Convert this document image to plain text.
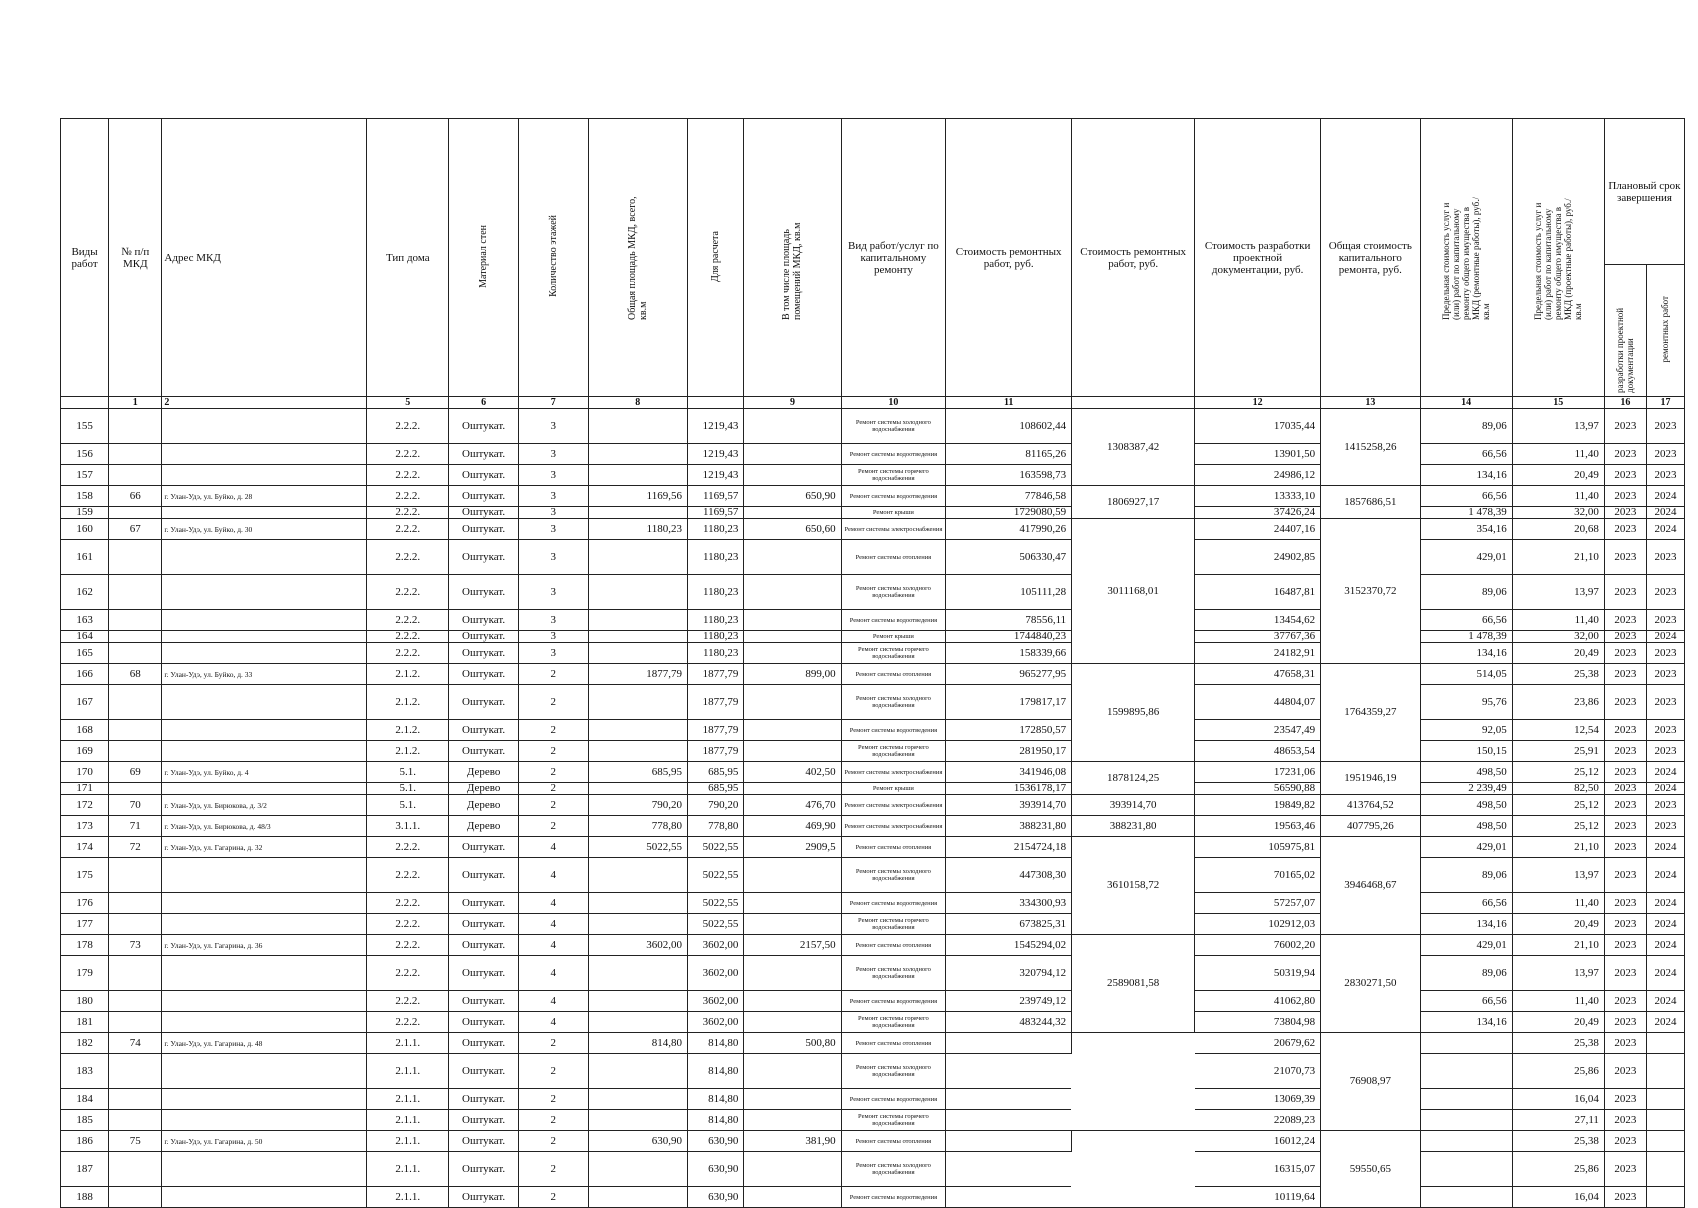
Виды работ	№ п/п МКД	Адрес МКД	Тип дома	Материал стен	Количество этажей	Общая площадь МКД, всего, кв.м	Для расчета	В том числе площадь помещений МКД, кв.м	Вид работ/услуг по капитальному ремонту	Стоимость ремонтных работ, руб.	Стоимость ремонтных работ, руб.	Стоимость разработки проектной документации, руб.	Общая стоимость капитального ремонта, руб.	Предельная стоимость услуг и (или) работ по капитальному ремонту общего имущества в МКД (ремонтные работы), руб./кв.м	Предельная стоимость услуг и (или) работ по капитальному ремонту общего имущества в МКД (проектные работы), руб./кв.м	Плановый срок завершения	
																разработки проектной документации	ремонтных работ
	1	2	5	6	7	8		9	10	11		12	13	14	15	16	17
155			2.2.2.	Оштукат.	3		1219,43		Ремонт системы холодного водоснабжения	108602,44	1308387,42	17035,44	1415258,26	89,06	13,97	2023	2023
156			2.2.2.	Оштукат.	3		1219,43		Ремонт системы водоотведения	81165,26		13901,50		66,56	11,40	2023	2023
157			2.2.2.	Оштукат.	3		1219,43		Ремонт системы горячего водоснабжения	163598,73		24986,12		134,16	20,49	2023	2023
158	66	г. Улан-Удэ, ул. Буйко, д. 28	2.2.2.	Оштукат.	3	1169,56	1169,57	650,90	Ремонт системы водоотведения	77846,58	1806927,17	13333,10	1857686,51	66,56	11,40	2023	2024
159			2.2.2.	Оштукат.	3		1169,57		Ремонт крыши	1729080,59		37426,24		1 478,39	32,00	2023	2024
160	67	г. Улан-Удэ, ул. Буйко, д. 30	2.2.2.	Оштукат.	3	1180,23	1180,23	650,60	Ремонт системы электроснабжения	417990,26	3011168,01	24407,16	3152370,72	354,16	20,68	2023	2024
161			2.2.2.	Оштукат.	3		1180,23		Ремонт системы отопления	506330,47		24902,85		429,01	21,10	2023	2023
162			2.2.2.	Оштукат.	3		1180,23		Ремонт системы холодного водоснабжения	105111,28		16487,81		89,06	13,97	2023	2023
163			2.2.2.	Оштукат.	3		1180,23		Ремонт системы водоотведения	78556,11		13454,62		66,56	11,40	2023	2023
164			2.2.2.	Оштукат.	3		1180,23		Ремонт крыши	1744840,23		37767,36		1 478,39	32,00	2023	2024
165			2.2.2.	Оштукат.	3		1180,23		Ремонт системы горячего водоснабжения	158339,66		24182,91		134,16	20,49	2023	2023
166	68	г. Улан-Удэ, ул. Буйко, д. 33	2.1.2.	Оштукат.	2	1877,79	1877,79	899,00	Ремонт системы отопления	965277,95	1599895,86	47658,31	1764359,27	514,05	25,38	2023	2023
167			2.1.2.	Оштукат.	2		1877,79		Ремонт системы холодного водоснабжения	179817,17		44804,07		95,76	23,86	2023	2023
168			2.1.2.	Оштукат.	2		1877,79		Ремонт системы водоотведения	172850,57		23547,49		92,05	12,54	2023	2023
169			2.1.2.	Оштукат.	2		1877,79		Ремонт системы горячего водоснабжения	281950,17		48653,54		150,15	25,91	2023	2023
170	69	г. Улан-Удэ, ул. Буйко, д. 4	5.1.	Дерево	2	685,95	685,95	402,50	Ремонт системы электроснабжения	341946,08	1878124,25	17231,06	1951946,19	498,50	25,12	2023	2024
171			5.1.	Дерево	2		685,95		Ремонт крыши	1536178,17		56590,88		2 239,49	82,50	2023	2024
172	70	г. Улан-Удэ, ул. Бирюкова, д. 3/2	5.1.	Дерево	2	790,20	790,20	476,70	Ремонт системы электроснабжения	393914,70	393914,70	19849,82	413764,52	498,50	25,12	2023	2023
173	71	г. Улан-Удэ, ул. Бирюкова, д. 48/3	3.1.1.	Дерево	2	778,80	778,80	469,90	Ремонт системы электроснабжения	388231,80	388231,80	19563,46	407795,26	498,50	25,12	2023	2023
174	72	г. Улан-Удэ, ул. Гагарина, д. 32	2.2.2.	Оштукат.	4	5022,55	5022,55	2909,5	Ремонт системы отопления	2154724,18	3610158,72	105975,81	3946468,67	429,01	21,10	2023	2024
175			2.2.2.	Оштукат.	4		5022,55		Ремонт системы холодного водоснабжения	447308,30		70165,02		89,06	13,97	2023	2024
176			2.2.2.	Оштукат.	4		5022,55		Ремонт системы водоотведения	334300,93		57257,07		66,56	11,40	2023	2024
177			2.2.2.	Оштукат.	4		5022,55		Ремонт системы горячего водоснабжения	673825,31		102912,03		134,16	20,49	2023	2024
178	73	г. Улан-Удэ, ул. Гагарина, д. 36	2.2.2.	Оштукат.	4	3602,00	3602,00	2157,50	Ремонт системы отопления	1545294,02	2589081,58	76002,20	2830271,50	429,01	21,10	2023	2024
179			2.2.2.	Оштукат.	4		3602,00		Ремонт системы холодного водоснабжения	320794,12		50319,94		89,06	13,97	2023	2024
180			2.2.2.	Оштукат.	4		3602,00		Ремонт системы водоотведения	239749,12		41062,80		66,56	11,40	2023	2024
181			2.2.2.	Оштукат.	4		3602,00		Ремонт системы горячего водоснабжения	483244,32		73804,98		134,16	20,49	2023	2024
182	74	г. Улан-Удэ, ул. Гагарина, д. 48	2.1.1.	Оштукат.	2	814,80	814,80	500,80	Ремонт системы отопления			20679,62	76908,97		25,38	2023	
183			2.1.1.	Оштукат.	2		814,80		Ремонт системы холодного водоснабжения			21070,73			25,86	2023	
184			2.1.1.	Оштукат.	2		814,80		Ремонт системы водоотведения			13069,39			16,04	2023	
185			2.1.1.	Оштукат.	2		814,80		Ремонт системы горячего водоснабжения			22089,23			27,11	2023	
186	75	г. Улан-Удэ, ул. Гагарина, д. 50	2.1.1.	Оштукат.	2	630,90	630,90	381,90	Ремонт системы отопления			16012,24	59550,65		25,38	2023	
187			2.1.1.	Оштукат.	2		630,90		Ремонт системы холодного водоснабжения			16315,07			25,86	2023	
188			2.1.1.	Оштукат.	2		630,90		Ремонт системы водоотведения			10119,64			16,04	2023	
